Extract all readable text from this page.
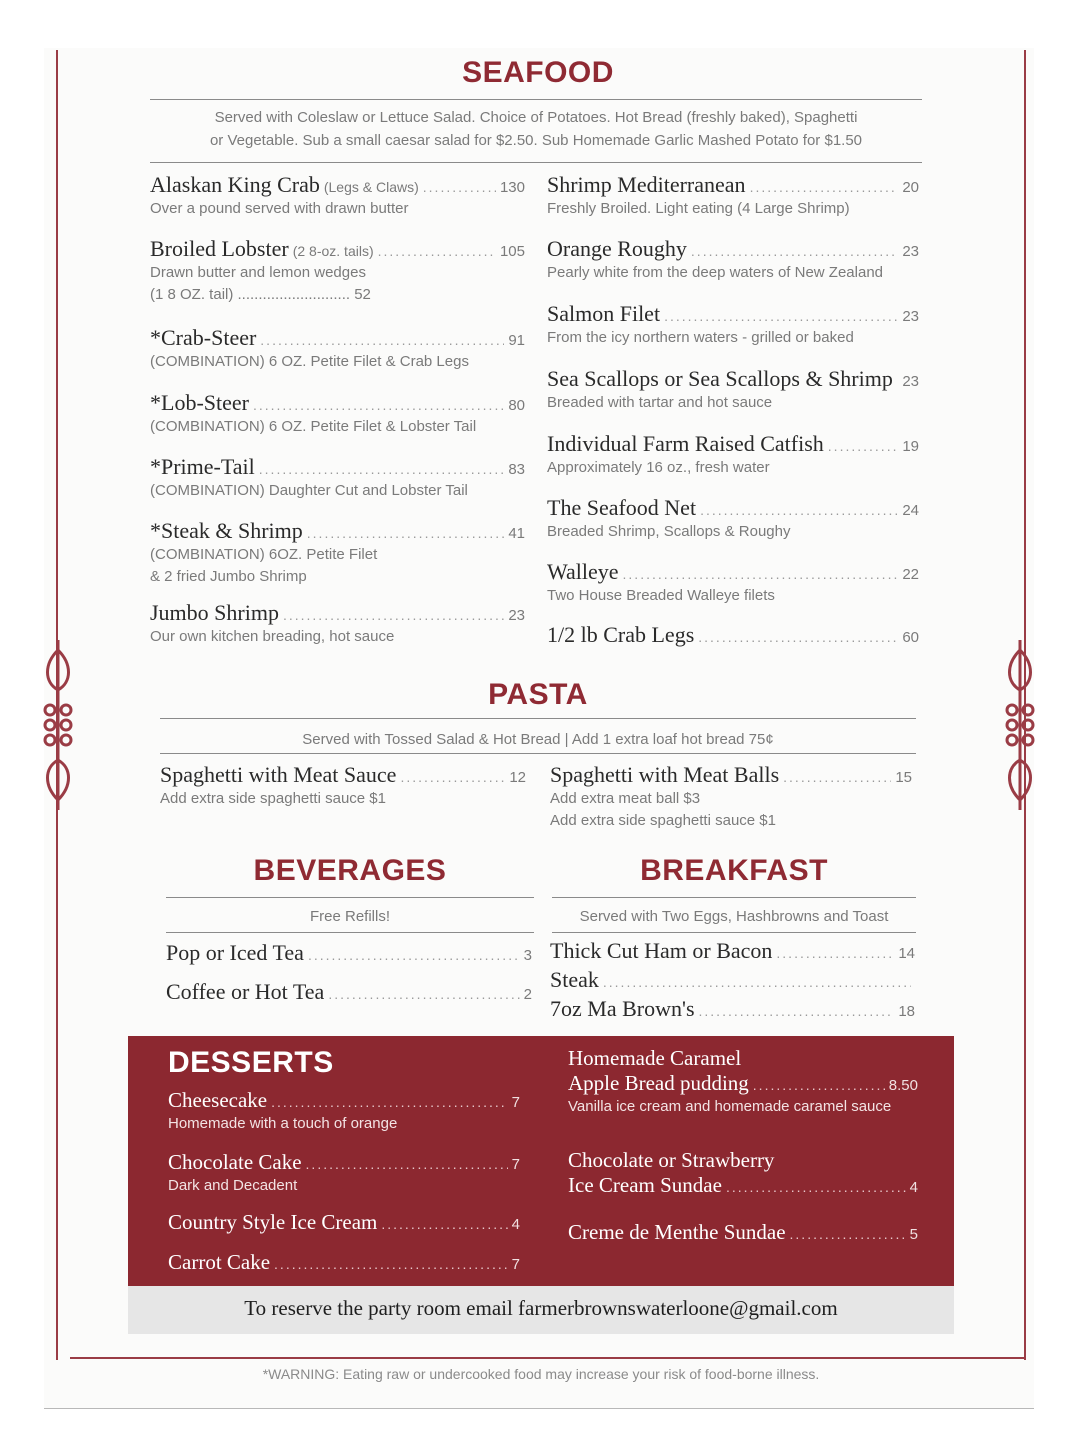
SEAFOOD
Served with Coleslaw or Lettuce Salad. Choice of Potatoes. Hot Bread (freshly baked), Spaghetti
or Vegetable. Sub a small caesar salad for $2.50. Sub Homemade Garlic Mashed Potato for $1.50
Alaskan King Crab (Legs & Claws) .....	130
Over a pound served with drawn butter
Broiled Lobster (2 8-oz. tails) .....	105
Drawn butter and lemon wedges
(1 8 OZ. tail) ........................... 52
*Crab-Steer .....	91
(COMBINATION) 6 OZ. Petite Filet & Crab Legs
*Lob-Steer .....	80
(COMBINATION) 6 OZ. Petite Filet & Lobster Tail
*Prime-Tail .....	83
(COMBINATION) Daughter Cut and Lobster Tail
*Steak & Shrimp .....	41
(COMBINATION) 6OZ. Petite Filet
& 2 fried Jumbo Shrimp
Jumbo Shrimp .....	23
Our own kitchen breading, hot sauce
Shrimp Mediterranean .....	20
Freshly Broiled. Light eating (4 Large Shrimp)
Orange Roughy .....	23
Pearly white from the deep waters of New Zealand
Salmon Filet .....	23
From the icy northern waters - grilled or baked
Sea Scallops or Sea Scallops & Shrimp ..... 23
Breaded with tartar and hot sauce
Individual Farm Raised Catfish .....	19
Approximately 16 oz., fresh water
The Seafood Net .....	24
Breaded Shrimp, Scallops & Roughy
Walleye .....	22
Two House Breaded Walleye filets
1/2 lb Crab Legs .....	60
PASTA
Served with Tossed Salad & Hot Bread | Add 1 extra loaf hot bread 75¢
Spaghetti with Meat Sauce .....	12
Add extra side spaghetti sauce $1
Spaghetti with Meat Balls .....	15
Add extra meat ball $3
Add extra side spaghetti sauce $1
BEVERAGES
Free Refills!
Pop or Iced Tea .....	3
Coffee or Hot Tea .....	2
BREAKFAST
Served with Two Eggs, Hashbrowns and Toast
Thick Cut Ham or Bacon .....	14
Steak
.....
7oz Ma Brown's .....	18
DESSERTS
Cheesecake .....	7
Homemade with a touch of orange
Chocolate Cake .....	7
Dark and Decadent
Country Style Ice Cream .....	4
Carrot Cake .....	7
Homemade Caramel
Apple Bread pudding .....	8.50
Vanilla ice cream and homemade caramel sauce
Chocolate or Strawberry
Ice Cream Sundae .....	4
Creme de Menthe Sundae .....	5
To reserve the party room email farmerbrownswaterloone@gmail.com
*WARNING: Eating raw or undercooked food may increase your risk of food-borne illness.
